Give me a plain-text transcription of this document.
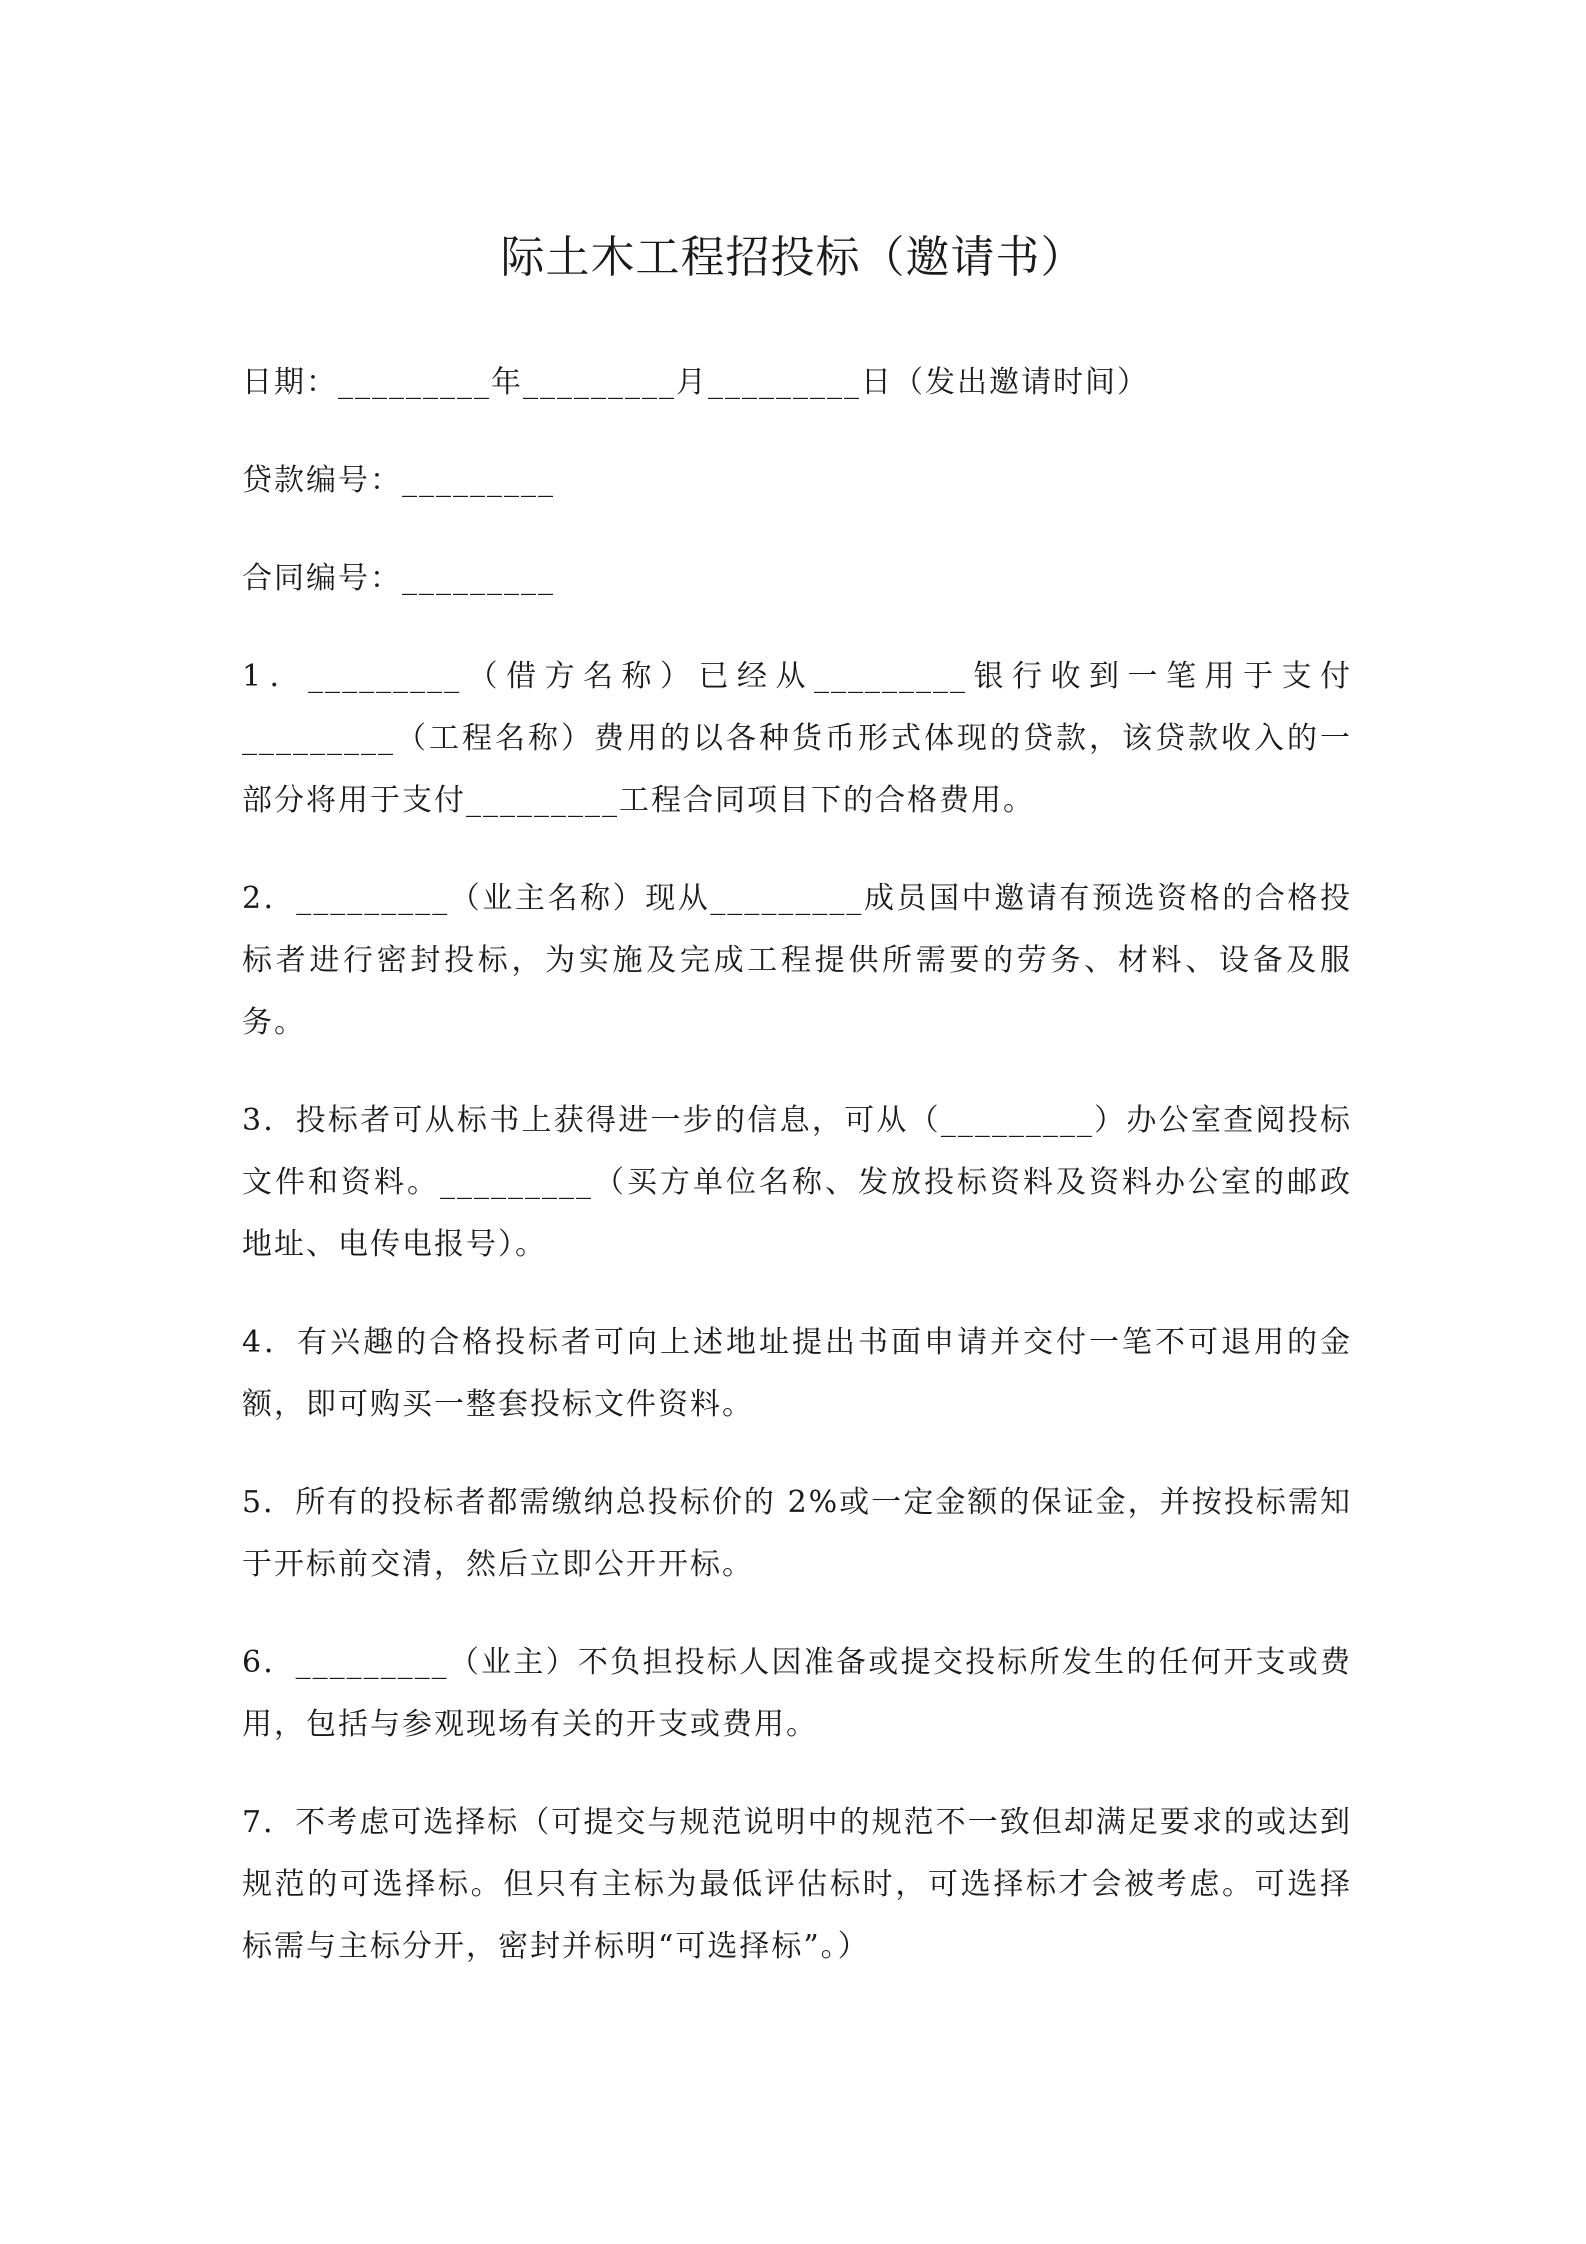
际土木工程招投标（邀请书）

日期：_________年_________月_________日（发出邀请时间）

贷款编号：_________

合同编号：_________

1．_________（借方名称）已经从_________银行收到一笔用于支付_________（工程名称）费用的以各种货币形式体现的贷款，该贷款收入的一部分将用于支付_________工程合同项目下的合格费用。

2．_________（业主名称）现从_________成员国中邀请有预选资格的合格投标者进行密封投标，为实施及完成工程提供所需要的劳务、材料、设备及服务。

3．投标者可从标书上获得进一步的信息，可从（_________）办公室查阅投标文件和资料。_________（买方单位名称、发放投标资料及资料办公室的邮政地址、电传电报号）。

4．有兴趣的合格投标者可向上述地址提出书面申请并交付一笔不可退用的金额，即可购买一整套投标文件资料。

5．所有的投标者都需缴纳总投标价的 2%或一定金额的保证金，并按投标需知于开标前交清，然后立即公开开标。

6．_________（业主）不负担投标人因准备或提交投标所发生的任何开支或费用，包括与参观现场有关的开支或费用。

7．不考虑可选择标（可提交与规范说明中的规范不一致但却满足要求的或达到规范的可选择标。但只有主标为最低评估标时，可选择标才会被考虑。可选择标需与主标分开，密封并标明“可选择标”。）
